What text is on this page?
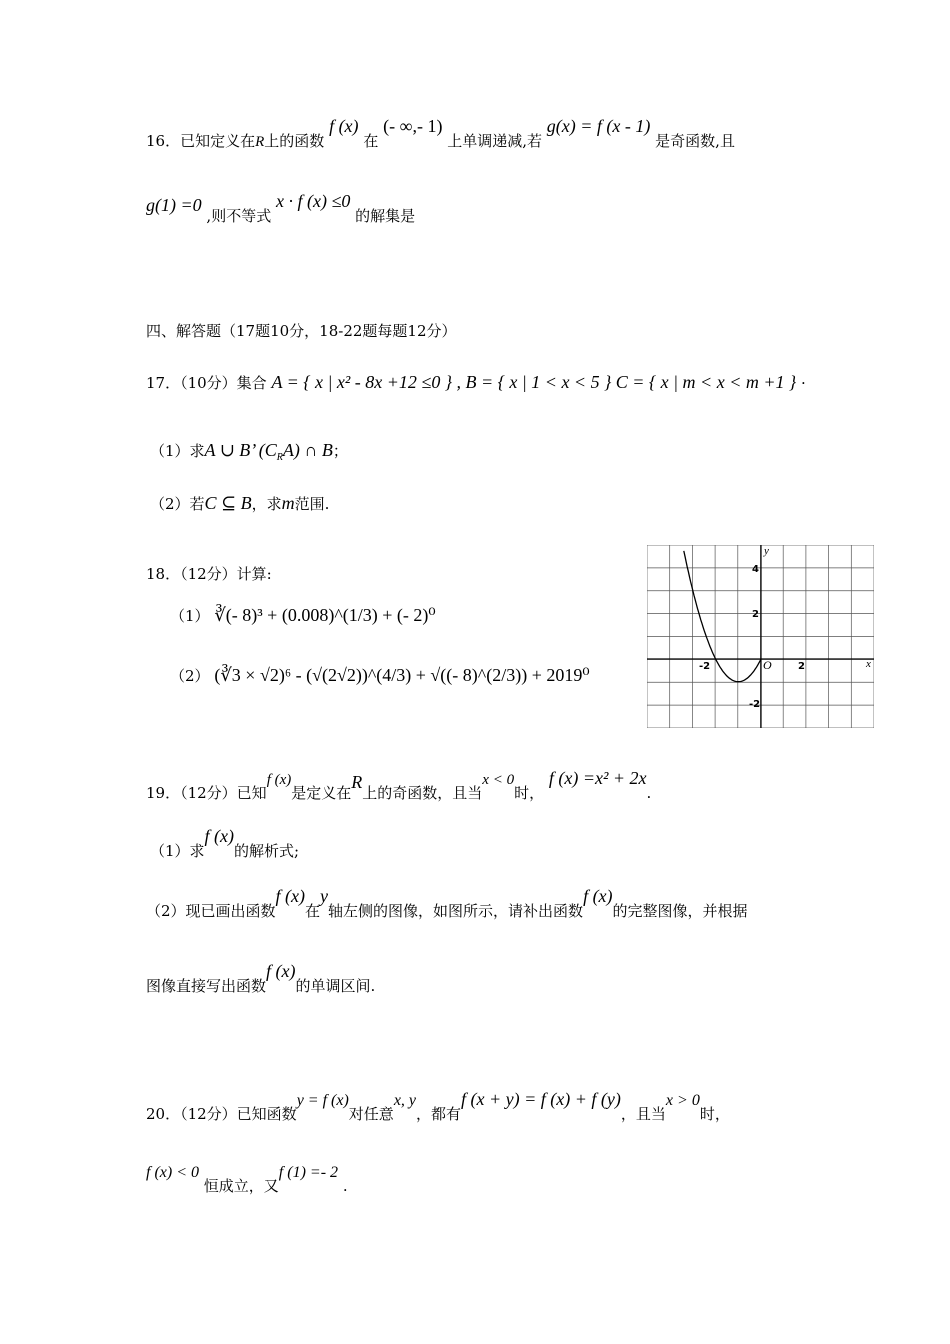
16．已知定义在R上的函数 f (x) 在 (- ∞,- 1) 上单调递减,若 g(x) = f (x - 1) 是奇函数,且
g(1) =0 ,则不等式 x · f (x) ≤0 的解集是
四、解答题（17题10分，18-22题每题12分）
17．（10分）集合 A = { x | x² - 8x +12 ≤0 } , B = { x | 1 < x < 5 } C = { x | m < x < m +1 } ·
（1）求A ∪ B’ $(C_RA)$ ∩ B；
（2）若C ⊆ B，求m范围.
18．（12分）计算:
（1） ∛(- 8)³ + (0.008)^(1/3) + (- 2)⁰
（2） (∛3 × √2)⁶ - (√(2√2))^(4/3) + √((- 8)^(2/3)) + 2019⁰
y
x
O
4
2
-2	2
-2
19．（12分）已知f (x)是定义在R上的奇函数，且当x < 0时， f (x) =x² + 2x.
（1）求f (x)的解析式;
（2）现已画出函数f (x)在y轴左侧的图像，如图所示，请补出函数f (x)的完整图像，并根据
图像直接写出函数f (x)的单调区间.
20．（12分）已知函数y = f (x)对任意x, y，都有f (x + y) = f (x) + f (y)，且当x > 0时，
f (x) < 0 恒成立，又f (1) =- 2 .
